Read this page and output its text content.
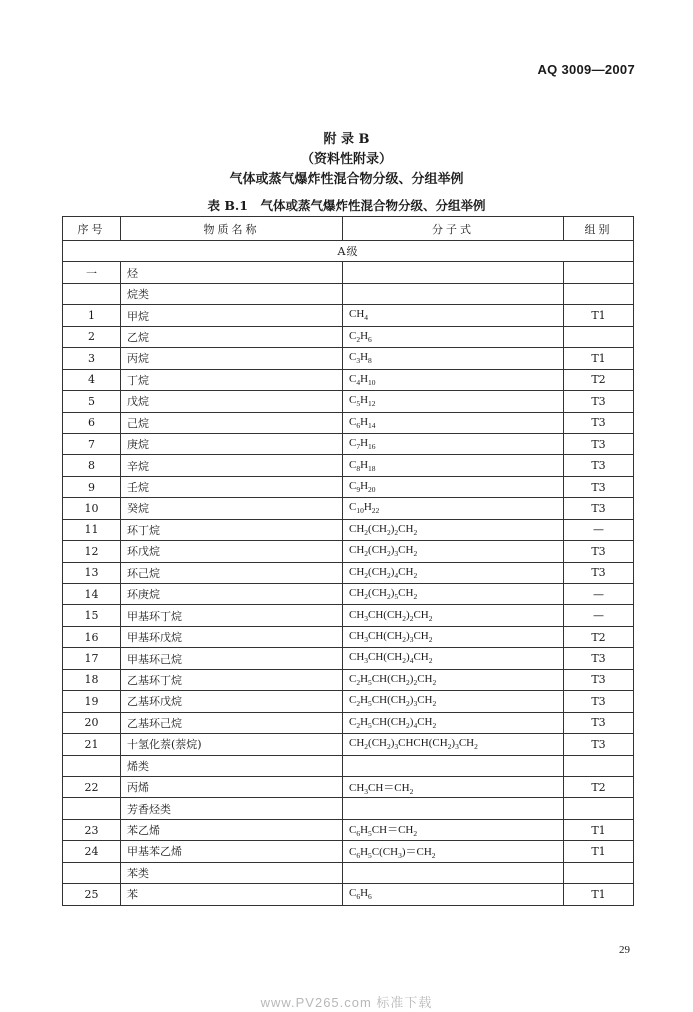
AQ 3009—2007
附 录 B
（资料性附录）
气体或蒸气爆炸性混合物分级、分组举例
表 B.1　气体或蒸气爆炸性混合物分级、分组举例
序号	物质名称	分子式	组别
A级			
一	烃		
	烷类		
1	甲烷	$CH_4$	T1
2	乙烷	$C_2H_6$	
3	丙烷	$C_3H_8$	T1
4	丁烷	$C_4H_{10}$	T2
5	戊烷	$C_5H_{12}$	T3
6	己烷	$C_6H_{14}$	T3
7	庚烷	$C_7H_{16}$	T3
8	辛烷	$C_8H_{18}$	T3
9	壬烷	$C_9H_{20}$	T3
10	癸烷	$C_{10}H_{22}$	T3
11	环丁烷	$CH_2(CH_2)_2CH_2$	—
12	环戊烷	$CH_2(CH_2)_3CH_2$	T3
13	环己烷	$CH_2(CH_2)_4CH_2$	T3
14	环庚烷	$CH_2(CH_2)_5CH_2$	—
15	甲基环丁烷	$CH_3CH(CH_2)_2CH_2$	—
16	甲基环戊烷	$CH_3CH(CH_2)_3CH_2$	T2
17	甲基环己烷	$CH_3CH(CH_2)_4CH_2$	T3
18	乙基环丁烷	$C_2H_5CH(CH_2)_2CH_2$	T3
19	乙基环戊烷	$C_2H_5CH(CH_2)_3CH_2$	T3
20	乙基环己烷	$C_2H_5CH(CH_2)_4CH_2$	T3
21	十氢化萘(萘烷)	$CH_2(CH_2)_3CHCH(CH_2)_3CH_2$	T3
	烯类		
22	丙烯	$CH_3CH=CH_2$	T2
	芳香烃类		
23	苯乙烯	$C_6H_5CH=CH_2$	T1
24	甲基苯乙烯	$C_6H_5C(CH_3)=CH_2$	T1
	苯类		
25	苯	$C_6H_6$	T1
29
www.PV265.com 标准下载
